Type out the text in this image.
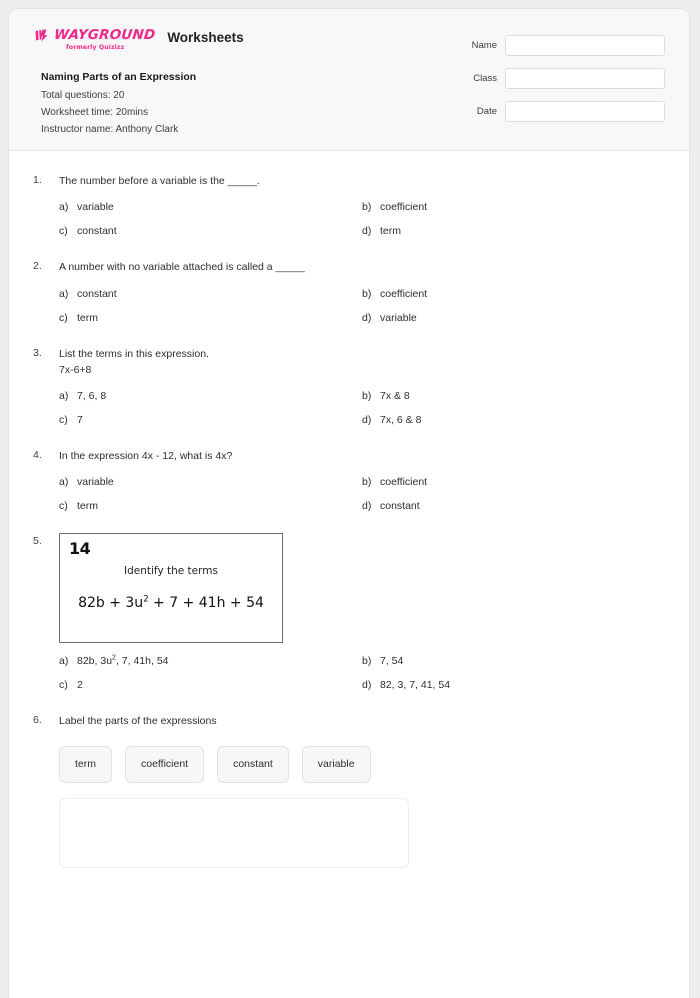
WAYGROUND
formerly Quizizz
Worksheets
Naming Parts of an Expression
Total questions: 20
Worksheet time: 20mins
Instructor name: Anthony Clark
Name
Class
Date
1.	The number before a variable is the _____.
a) variable	b) coefficient
c) constant	d) term
2.	A number with no variable attached is called a _____
a) constant	b) coefficient
c) term	d) variable
3.	List the terms in this expression.
7x-6+8
a) 7, 6, 8	b) 7x & 8
c) 7	d) 7x, 6 & 8
4.	In the expression 4x - 12, what is 4x?
a) variable	b) coefficient
c) term	d) constant
5.	14
Identify the terms
$82b + 3u^2 + 7 + 41h + 54$
a) 82b, $3u^2$, 7, 41h, 54	b) 7, 54
c) 2	d) 82, 3, 7, 41, 54
6.	Label the parts of the expressions
term	coefficient	constant	variable
